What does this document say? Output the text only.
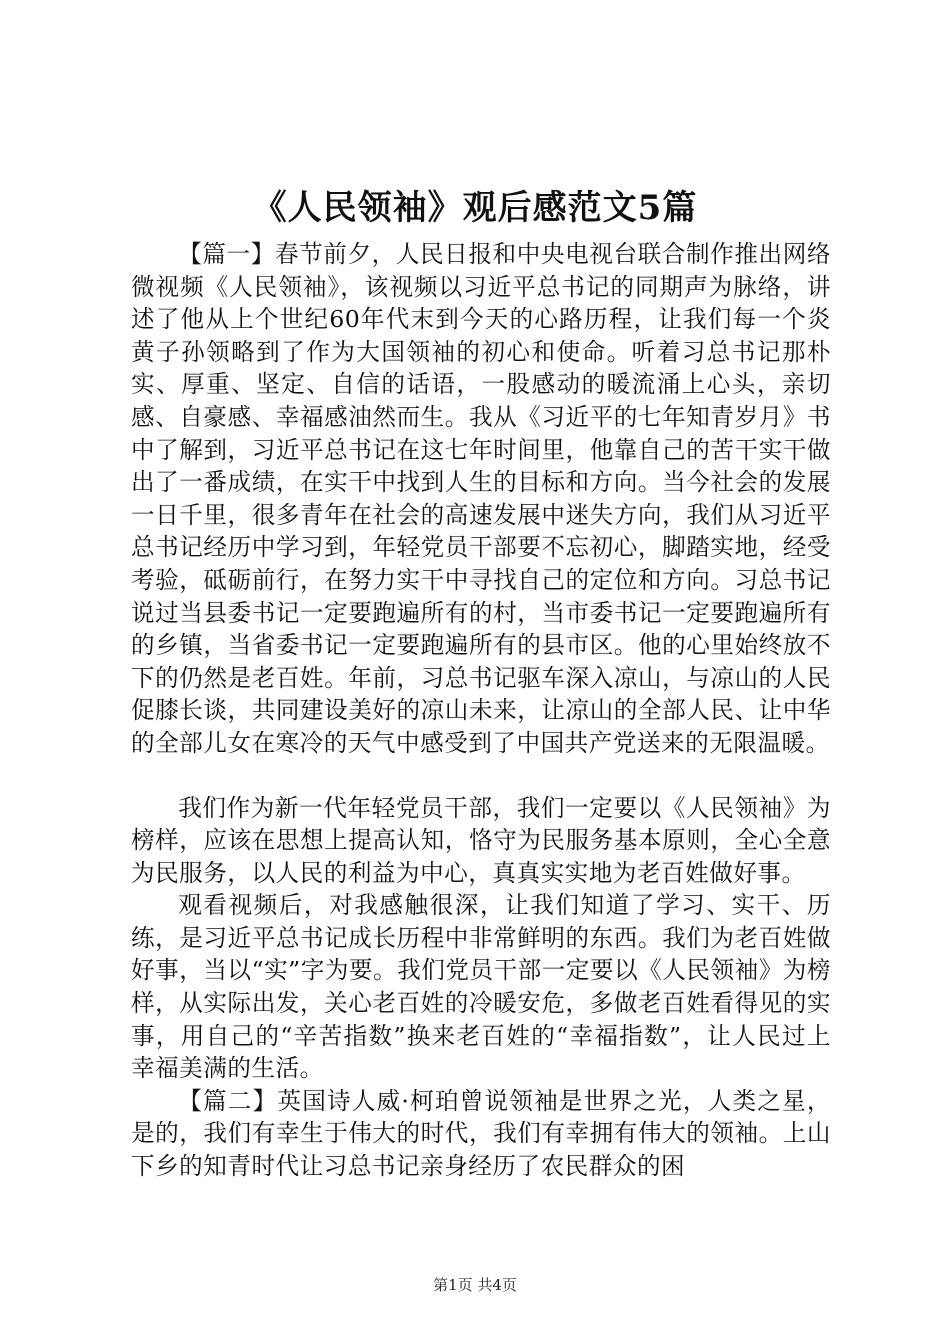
《人民领袖》观后感范文5篇

【篇一】春节前夕，人民日报和中央电视台联合制作推出网络微视频《人民领袖》，该视频以习近平总书记的同期声为脉络，讲述了他从上个世纪60年代末到今天的心路历程，让我们每一个炎黄子孙领略到了作为大国领袖的初心和使命。听着习总书记那朴实、厚重、坚定、自信的话语，一股感动的暖流涌上心头，亲切感、自豪感、幸福感油然而生。我从《习近平的七年知青岁月》书中了解到，习近平总书记在这七年时间里，他靠自己的苦干实干做出了一番成绩，在实干中找到人生的目标和方向。当今社会的发展一日千里，很多青年在社会的高速发展中迷失方向，我们从习近平总书记经历中学习到，年轻党员干部要不忘初心，脚踏实地，经受考验，砥砺前行，在努力实干中寻找自己的定位和方向。习总书记说过当县委书记一定要跑遍所有的村，当市委书记一定要跑遍所有的乡镇，当省委书记一定要跑遍所有的县市区。他的心里始终放不下的仍然是老百姓。年前，习总书记驱车深入凉山，与凉山的人民促膝长谈，共同建设美好的凉山未来，让凉山的全部人民、让中华的全部儿女在寒冷的天气中感受到了中国共产党送来的无限温暖。

我们作为新一代年轻党员干部，我们一定要以《人民领袖》为榜样，应该在思想上提高认知，恪守为民服务基本原则，全心全意为民服务，以人民的利益为中心，真真实实地为老百姓做好事。

观看视频后，对我感触很深，让我们知道了学习、实干、历练，是习近平总书记成长历程中非常鲜明的东西。我们为老百姓做好事，当以“实”字为要。我们党员干部一定要以《人民领袖》为榜样，从实际出发，关心老百姓的冷暖安危，多做老百姓看得见的实事，用自己的“辛苦指数”换来老百姓的“幸福指数”，让人民过上幸福美满的生活。

【篇二】英国诗人威·柯珀曾说领袖是世界之光，人类之星，是的，我们有幸生于伟大的时代，我们有幸拥有伟大的领袖。上山下乡的知青时代让习总书记亲身经历了农民群众的困

第1页 共4页
